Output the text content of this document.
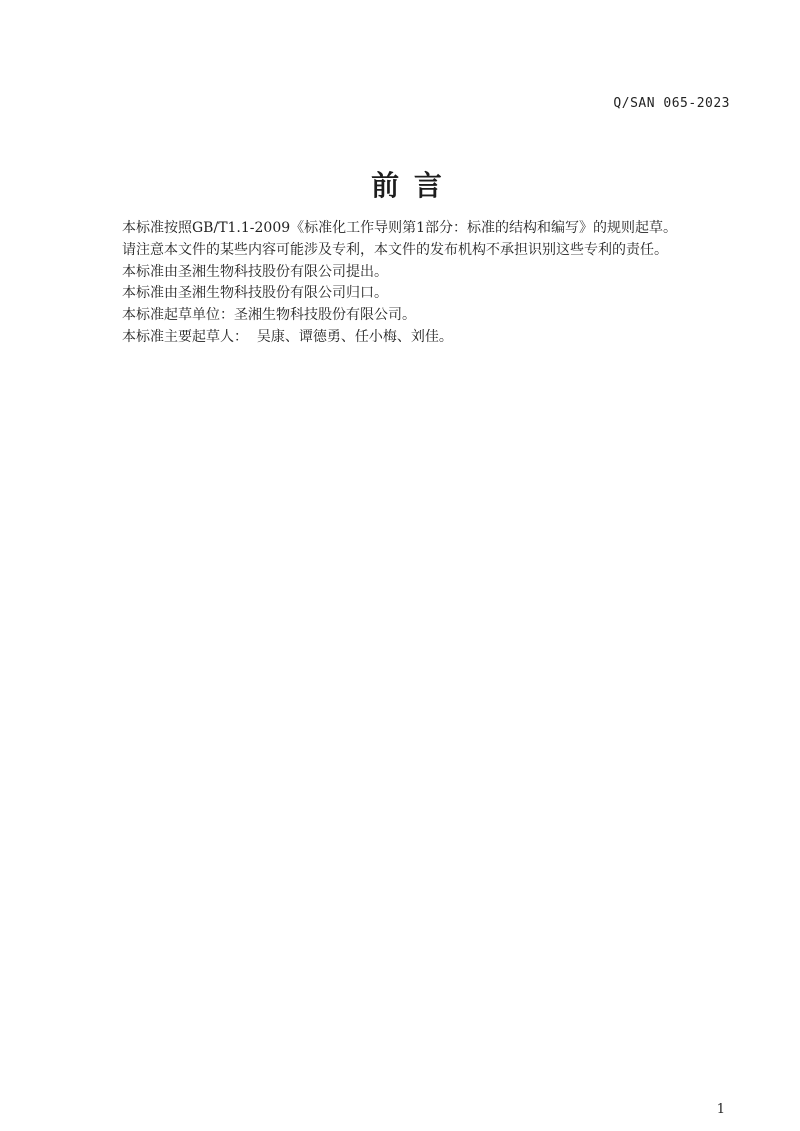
Q/SAN 065-2023
前 言

本标准按照GB/T1.1-2009《标准化工作导则第1部分：标准的结构和编写》的规则起草。

请注意本文件的某些内容可能涉及专利，本文件的发布机构不承担识别这些专利的责任。

本标准由圣湘生物科技股份有限公司提出。

本标准由圣湘生物科技股份有限公司归口。

本标准起草单位：圣湘生物科技股份有限公司。

本标准主要起草人：  吴康、谭德勇、任小梅、刘佳。

1
